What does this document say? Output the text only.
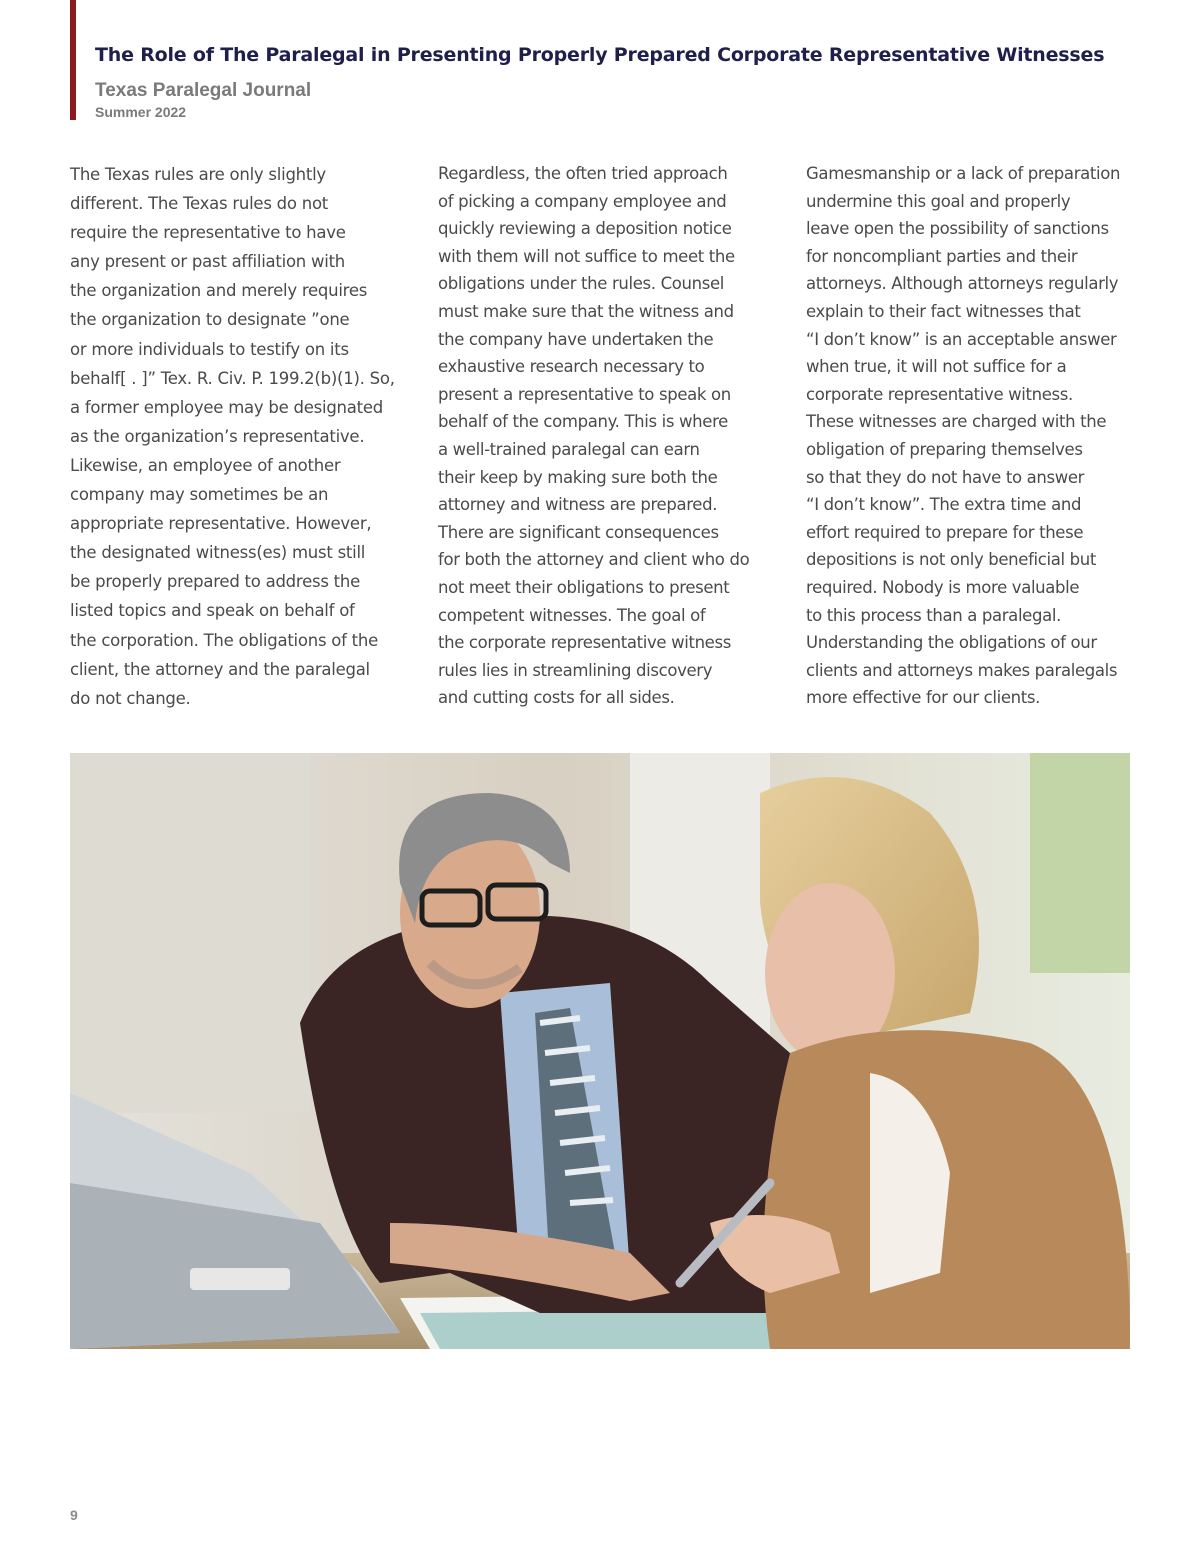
The Role of The Paralegal in Presenting Properly Prepared Corporate Representative Witnesses
Texas Paralegal Journal
Summer 2022

The Texas rules are only slightly
different. The Texas rules do not
require the representative to have
any present or past affiliation with
the organization and merely requires
the organization to designate ”one
or more individuals to testify on its
behalf[ . ]” Tex. R. Civ. P. 199.2(b)(1). So,
a former employee may be designated
as the organization’s representative.
Likewise, an employee of another
company may sometimes be an
appropriate representative. However,
the designated witness(es) must still
be properly prepared to address the
listed topics and speak on behalf of
the corporation. The obligations of the
client, the attorney and the paralegal
do not change.

Regardless, the often tried approach
of picking a company employee and
quickly reviewing a deposition notice
with them will not suffice to meet the
obligations under the rules. Counsel
must make sure that the witness and
the company have undertaken the
exhaustive research necessary to
present a representative to speak on
behalf of the company. This is where
a well-trained paralegal can earn
their keep by making sure both the
attorney and witness are prepared.
There are significant consequences
for both the attorney and client who do
not meet their obligations to present
competent witnesses. The goal of
the corporate representative witness
rules lies in streamlining discovery
and cutting costs for all sides.

Gamesmanship or a lack of preparation
undermine this goal and properly
leave open the possibility of sanctions
for noncompliant parties and their
attorneys. Although attorneys regularly
explain to their fact witnesses that
“I don’t know” is an acceptable answer
when true, it will not suffice for a
corporate representative witness.
These witnesses are charged with the
obligation of preparing themselves
so that they do not have to answer
“I don’t know”. The extra time and
effort required to prepare for these
depositions is not only beneficial but
required. Nobody is more valuable
to this process than a paralegal.
Understanding the obligations of our
clients and attorneys makes paralegals
more effective for our clients.

9
